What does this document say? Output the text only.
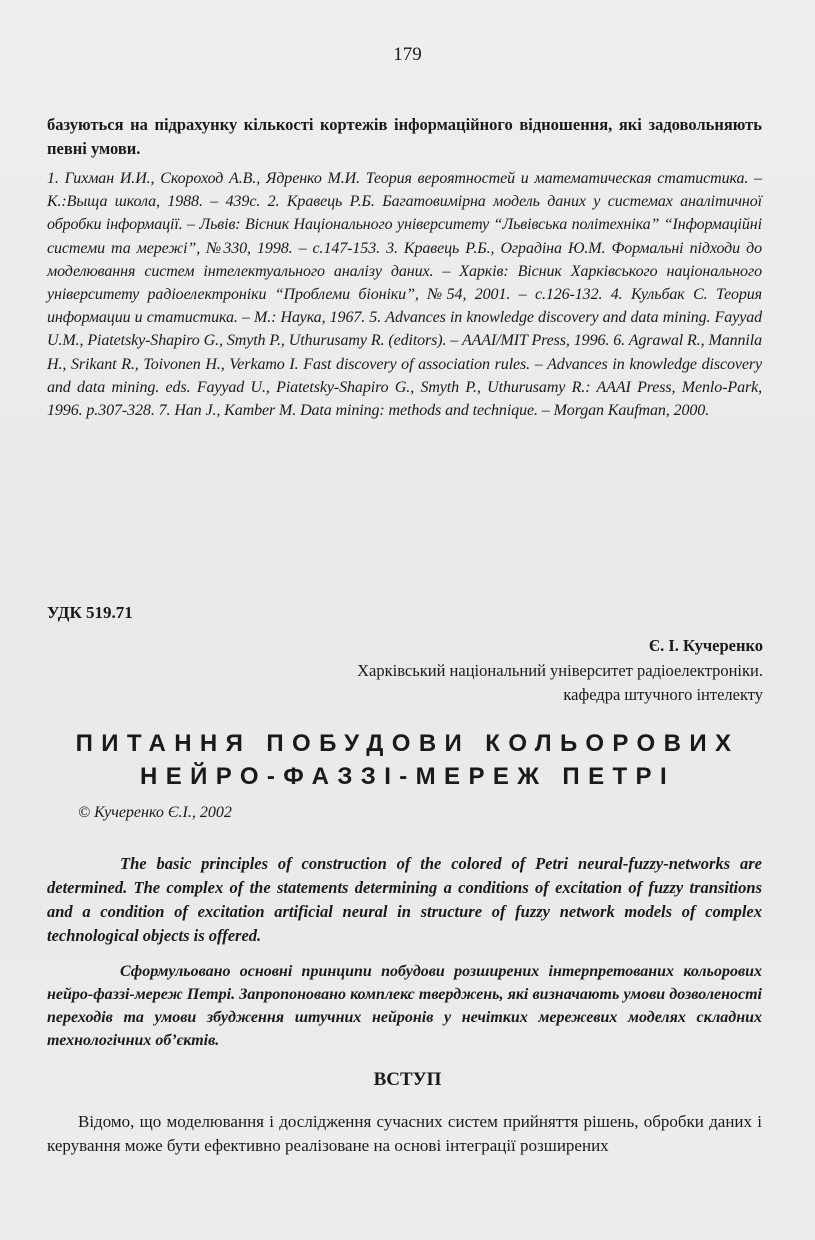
179
базуються на підрахунку кількості кортежів інформаційного відношення, які задовольняють певні умови.
1. Гихман И.И., Скороход А.В., Ядренко М.И. Теория вероятностей и математическая статистика. – К.:Выща школа, 1988. – 439с. 2. Кравець Р.Б. Багатовимірна модель даних у системах аналітичної обробки інформації. – Львів: Вісник Національного університету “Львівська політехніка” “Інформаційні системи та мережі”, №330, 1998. – с.147-153. 3. Кравець Р.Б., Оградіна Ю.М. Формальні підходи до моделювання систем інтелектуального аналізу даних. – Харків: Вісник Харківського національного університету радіоелектроніки “Проблеми біоніки”, №54, 2001. – с.126-132. 4. Кульбак С. Теория информации и статистика. – М.: Наука, 1967. 5. Advances in knowledge discovery and data mining. Fayyad U.M., Piatetsky-Shapiro G., Smyth P., Uthurusamy R. (editors). – AAAI/MIT Press, 1996. 6. Agrawal R., Mannila H., Srikant R., Toivonen H., Verkamo I. Fast discovery of association rules. – Advances in knowledge discovery and data mining. eds. Fayyad U., Piatetsky-Shapiro G., Smyth P., Uthurusamy R.: AAAI Press, Menlo-Park, 1996. p.307-328. 7. Han J., Kamber M. Data mining: methods and technique. – Morgan Kaufman, 2000.
УДК 519.71
Є. І. Кучеренко
Харківський національний університет радіоелектроніки.
кафедра штучного інтелекту
ПИТАННЯ ПОБУДОВИ КОЛЬОРОВИХ
НЕЙРО-ФАЗЗІ-МЕРЕЖ ПЕТРІ
© Кучеренко Є.І., 2002
The basic principles of construction of the colored of Petri neural-fuzzy-networks are determined. The complex of the statements determining a conditions of excitation of fuzzy transitions and a condition of excitation artificial neural in structure of fuzzy network models of complex technological objects is offered.
Сформульовано основні принципи побудови розширених інтерпретованих кольорових нейро-фаззі-мереж Петрі. Запропоновано комплекс тверджень, які визначають умови дозволеності переходів та умови збудження штучних нейронів у нечітких мережевих моделях складних технологічних об’єктів.
ВСТУП
Відомо, що моделювання і дослідження сучасних систем прийняття рішень, обробки даних і керування може бути ефективно реалізоване на основі інтеграції розширених
